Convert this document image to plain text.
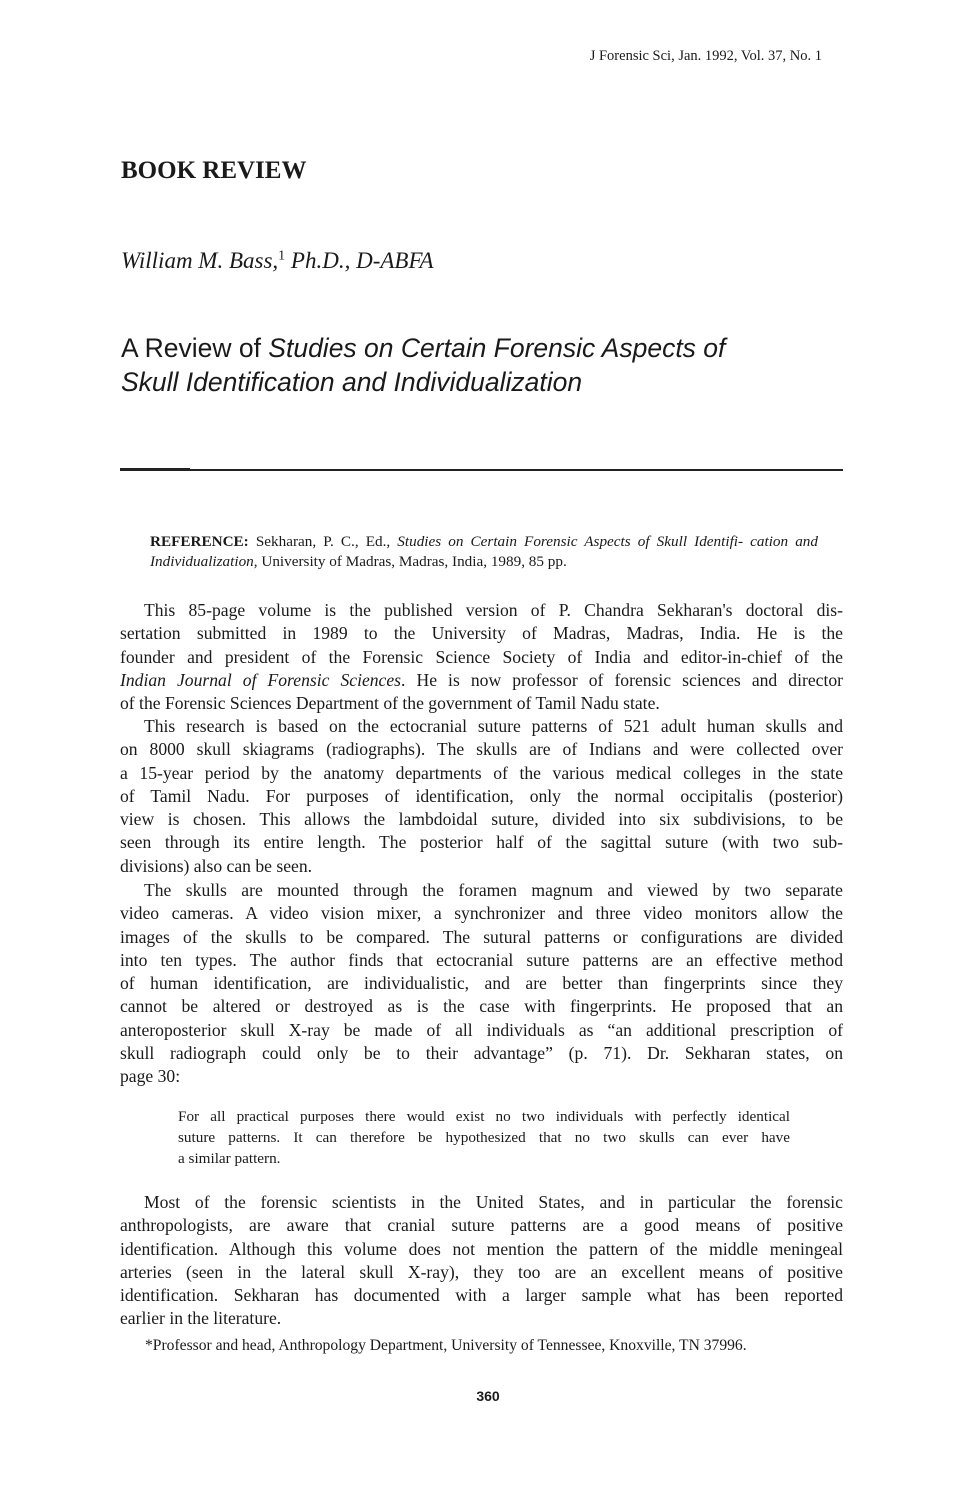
J Forensic Sci, Jan. 1992, Vol. 37, No. 1
BOOK REVIEW
William M. Bass,$^1$ Ph.D., D-ABFA
A Review of Studies on Certain Forensic Aspects of
Skull Identification and Individualization
REFERENCE: Sekharan, P. C., Ed., Studies on Certain Forensic Aspects of Skull Identifi- cation and Individualization, University of Madras, Madras, India, 1989, 85 pp.
This 85-page volume is the published version of P. Chandra Sekharan's doctoral dis-
sertation submitted in 1989 to the University of Madras, Madras, India. He is the
founder and president of the Forensic Science Society of India and editor-in-chief of the
Indian Journal of Forensic Sciences. He is now professor of forensic sciences and director
of the Forensic Sciences Department of the government of Tamil Nadu state.
This research is based on the ectocranial suture patterns of 521 adult human skulls and
on 8000 skull skiagrams (radiographs). The skulls are of Indians and were collected over
a 15-year period by the anatomy departments of the various medical colleges in the state
of Tamil Nadu. For purposes of identification, only the normal occipitalis (posterior)
view is chosen. This allows the lambdoidal suture, divided into six subdivisions, to be
seen through its entire length. The posterior half of the sagittal suture (with two sub-
divisions) also can be seen.
The skulls are mounted through the foramen magnum and viewed by two separate
video cameras. A video vision mixer, a synchronizer and three video monitors allow the
images of the skulls to be compared. The sutural patterns or configurations are divided
into ten types. The author finds that ectocranial suture patterns are an effective method
of human identification, are individualistic, and are better than fingerprints since they
cannot be altered or destroyed as is the case with fingerprints. He proposed that an
anteroposterior skull X-ray be made of all individuals as “an additional prescription of
skull radiograph could only be to their advantage” (p. 71). Dr. Sekharan states, on
page 30:
For all practical purposes there would exist no two individuals with perfectly identical
suture patterns. It can therefore be hypothesized that no two skulls can ever have
a similar pattern.
Most of the forensic scientists in the United States, and in particular the forensic
anthropologists, are aware that cranial suture patterns are a good means of positive
identification. Although this volume does not mention the pattern of the middle meningeal
arteries (seen in the lateral skull X-ray), they too are an excellent means of positive
identification. Sekharan has documented with a larger sample what has been reported
earlier in the literature.
*Professor and head, Anthropology Department, University of Tennessee, Knoxville, TN 37996.
360
